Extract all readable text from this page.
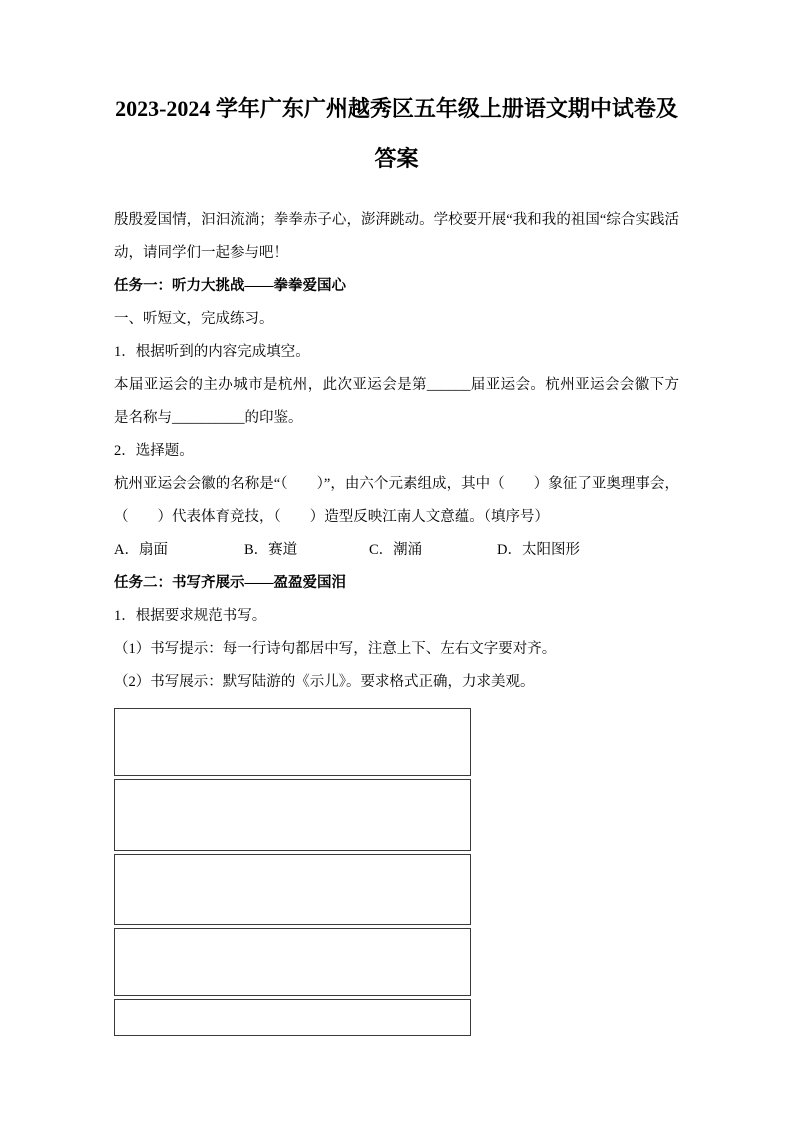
2023-2024 学年广东广州越秀区五年级上册语文期中试卷及答案

殷殷爱国情，汩汩流淌；拳拳赤子心，澎湃跳动。学校要开展“我和我的祖国“综合实践活动，请同学们一起参与吧！

任务一：听力大挑战——拳拳爱国心

一、听短文，完成练习。

1．根据听到的内容完成填空。

本届亚运会的主办城市是杭州，此次亚运会是第______届亚运会。杭州亚运会会徽下方是名称与__________的印鉴。

2．选择题。

杭州亚运会会徽的名称是“（　　）”，由六个元素组成，其中（　　）象征了亚奥理事会，（　　）代表体育竞技，（　　）造型反映江南人文意蕴。（填序号）

A．扇面	B．赛道	C．潮涌	D．太阳图形

任务二：书写齐展示——盈盈爱国泪

1．根据要求规范书写。

（1）书写提示：每一行诗句都居中写，注意上下、左右文字要对齐。

（2）书写展示：默写陆游的《示儿》。要求格式正确，力求美观。
